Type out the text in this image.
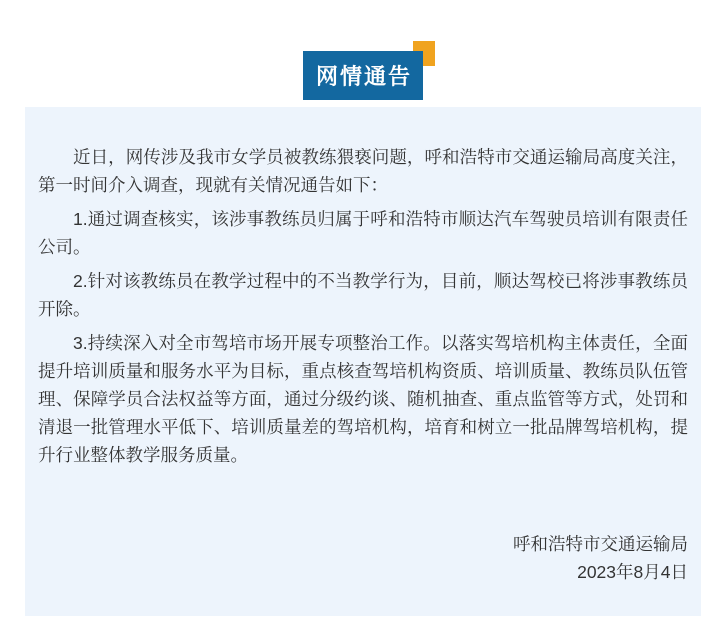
网情通告

近日，网传涉及我市女学员被教练猥亵问题，呼和浩特市交通运输局高度关注，第一时间介入调查，现就有关情况通告如下：

1.通过调查核实，该涉事教练员归属于呼和浩特市顺达汽车驾驶员培训有限责任公司。

2.针对该教练员在教学过程中的不当教学行为，目前，顺达驾校已将涉事教练员开除。

3.持续深入对全市驾培市场开展专项整治工作。以落实驾培机构主体责任，全面提升培训质量和服务水平为目标，重点核查驾培机构资质、培训质量、教练员队伍管理、保障学员合法权益等方面，通过分级约谈、随机抽查、重点监管等方式，处罚和清退一批管理水平低下、培训质量差的驾培机构，培育和树立一批品牌驾培机构，提升行业整体教学服务质量。

呼和浩特市交通运输局
2023年8月4日
